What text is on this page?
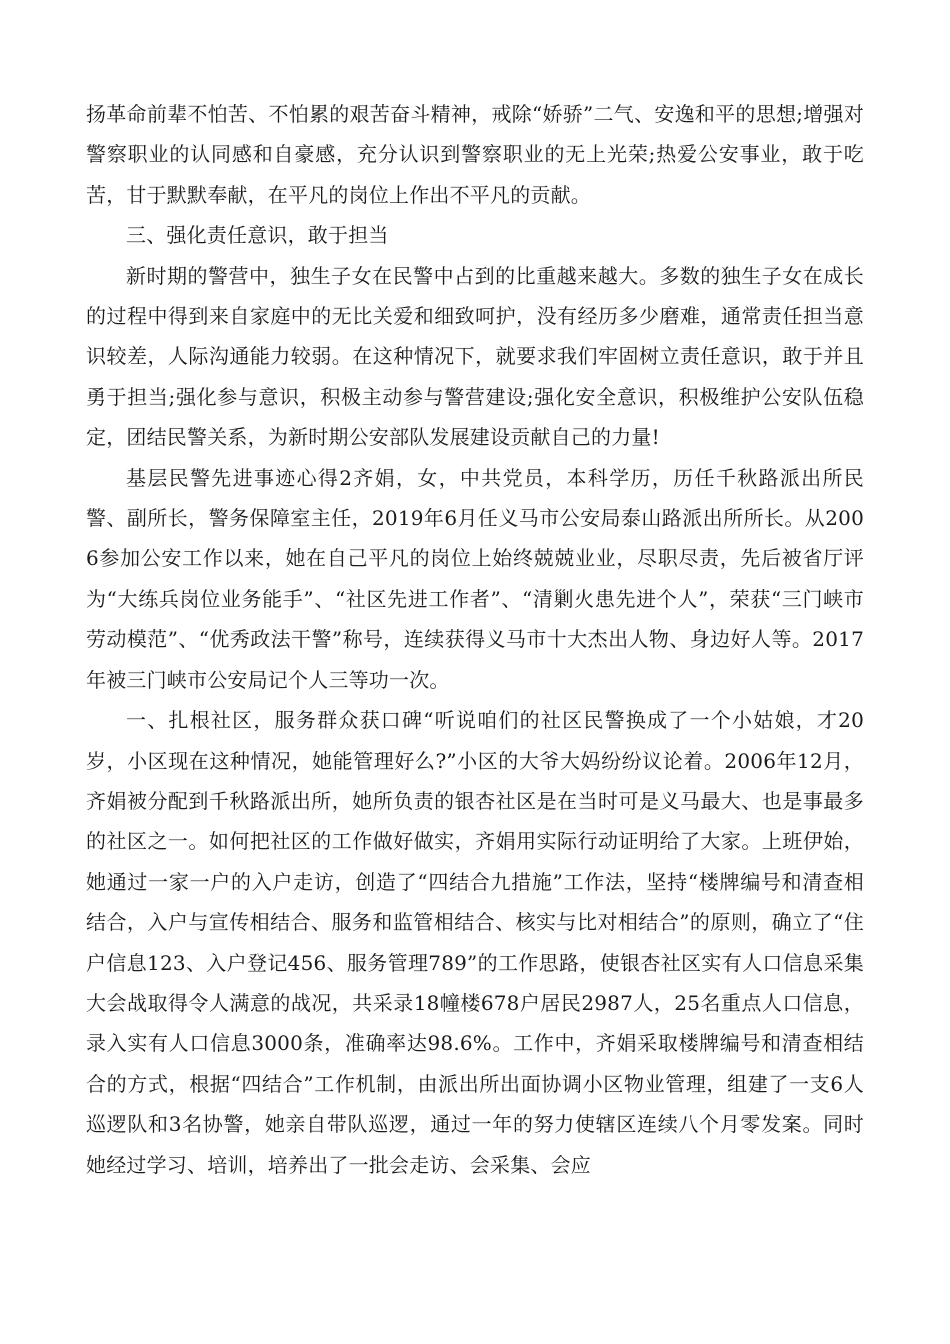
扬革命前辈不怕苦、不怕累的艰苦奋斗精神，戒除“娇骄”二气、安逸和平的思想;增强对警察职业的认同感和自豪感，充分认识到警察职业的无上光荣;热爱公安事业，敢于吃苦，甘于默默奉献，在平凡的岗位上作出不平凡的贡献。

三、强化责任意识，敢于担当

新时期的警营中，独生子女在民警中占到的比重越来越大。多数的独生子女在成长的过程中得到来自家庭中的无比关爱和细致呵护，没有经历多少磨难，通常责任担当意识较差，人际沟通能力较弱。在这种情况下，就要求我们牢固树立责任意识，敢于并且勇于担当;强化参与意识，积极主动参与警营建设;强化安全意识，积极维护公安队伍稳定，团结民警关系，为新时期公安部队发展建设贡献自己的力量!

基层民警先进事迹心得2齐娟，女，中共党员，本科学历，历任千秋路派出所民警、副所长，警务保障室主任，2019年6月任义马市公安局泰山路派出所所长。从2006参加公安工作以来，她在自己平凡的岗位上始终兢兢业业，尽职尽责，先后被省厅评为“大练兵岗位业务能手”、“社区先进工作者”、“清剿火患先进个人”，荣获“三门峡市劳动模范”、“优秀政法干警”称号，连续获得义马市十大杰出人物、身边好人等。2017年被三门峡市公安局记个人三等功一次。

一、扎根社区，服务群众获口碑“听说咱们的社区民警换成了一个小姑娘，才20岁，小区现在这种情况，她能管理好么?”小区的大爷大妈纷纷议论着。2006年12月，齐娟被分配到千秋路派出所，她所负责的银杏社区是在当时可是义马最大、也是事最多的社区之一。如何把社区的工作做好做实，齐娟用实际行动证明给了大家。上班伊始，她通过一家一户的入户走访，创造了“四结合九措施”工作法，坚持“楼牌编号和清查相结合，入户与宣传相结合、服务和监管相结合、核实与比对相结合”的原则，确立了“住户信息123、入户登记456、服务管理789”的工作思路，使银杏社区实有人口信息采集大会战取得令人满意的战况，共采录18幢楼678户居民2987人，25名重点人口信息，录入实有人口信息3000条，准确率达98.6%。工作中，齐娟采取楼牌编号和清查相结合的方式，根据“四结合”工作机制，由派出所出面协调小区物业管理，组建了一支6人巡逻队和3名协警，她亲自带队巡逻，通过一年的努力使辖区连续八个月零发案。同时她经过学习、培训，培养出了一批会走访、会采集、会应
